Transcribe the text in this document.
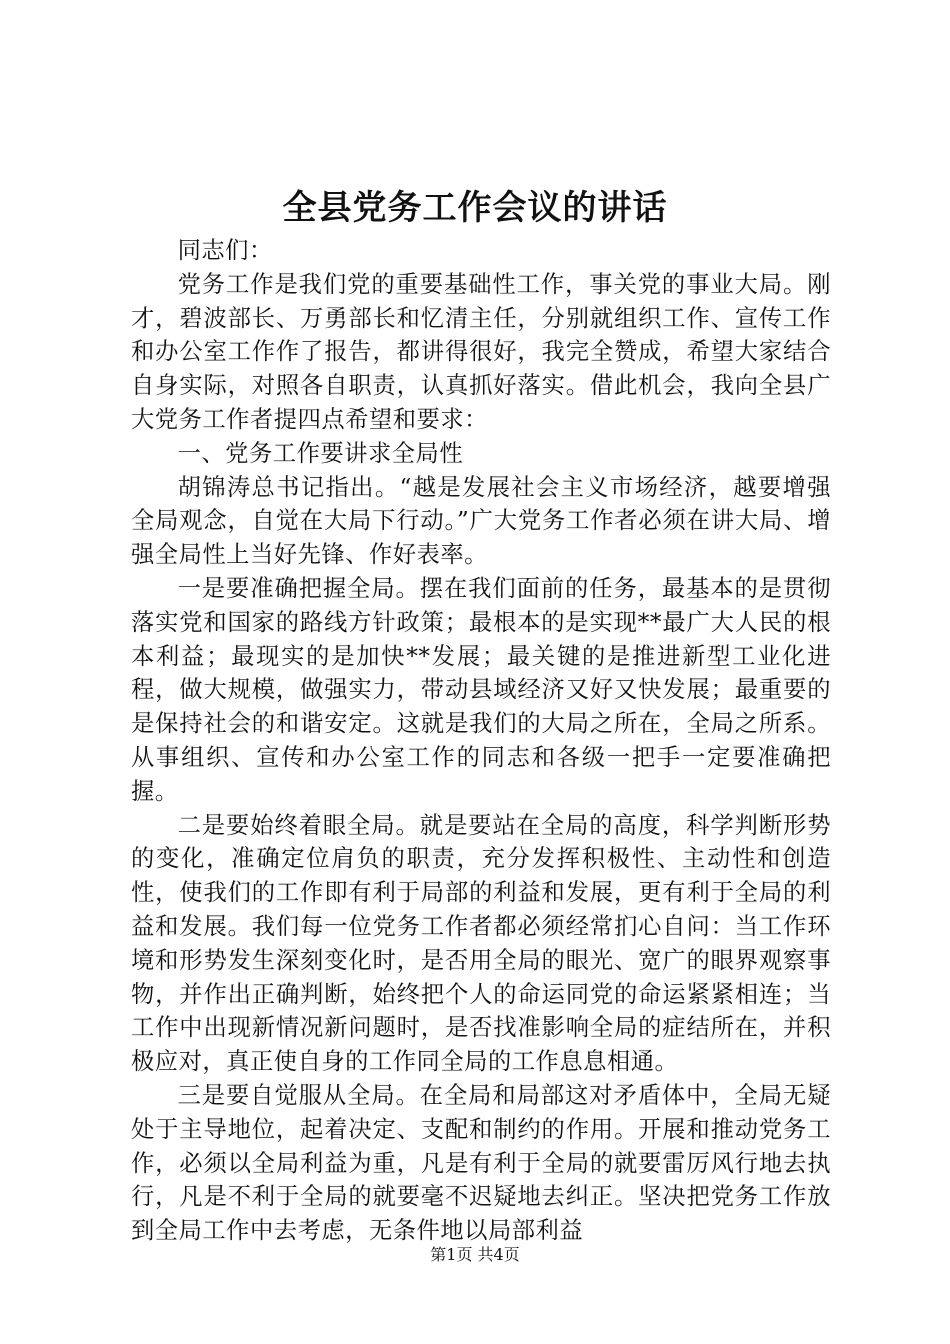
全县党务工作会议的讲话

同志们：

党务工作是我们党的重要基础性工作，事关党的事业大局。刚才，碧波部长、万勇部长和忆清主任，分别就组织工作、宣传工作和办公室工作作了报告，都讲得很好，我完全赞成，希望大家结合自身实际，对照各自职责，认真抓好落实。借此机会，我向全县广大党务工作者提四点希望和要求：

一、党务工作要讲求全局性

胡锦涛总书记指出。“越是发展社会主义市场经济，越要增强全局观念，自觉在大局下行动。”广大党务工作者必须在讲大局、增强全局性上当好先锋、作好表率。

一是要准确把握全局。摆在我们面前的任务，最基本的是贯彻落实党和国家的路线方针政策；最根本的是实现**最广大人民的根本利益；最现实的是加快**发展；最关键的是推进新型工业化进程，做大规模，做强实力，带动县域经济又好又快发展；最重要的是保持社会的和谐安定。这就是我们的大局之所在，全局之所系。从事组织、宣传和办公室工作的同志和各级一把手一定要准确把握。

二是要始终着眼全局。就是要站在全局的高度，科学判断形势的变化，准确定位肩负的职责，充分发挥积极性、主动性和创造性，使我们的工作即有利于局部的利益和发展，更有利于全局的利益和发展。我们每一位党务工作者都必须经常扪心自问：当工作环境和形势发生深刻变化时，是否用全局的眼光、宽广的眼界观察事物，并作出正确判断，始终把个人的命运同党的命运紧紧相连；当工作中出现新情况新问题时，是否找准影响全局的症结所在，并积极应对，真正使自身的工作同全局的工作息息相通。

三是要自觉服从全局。在全局和局部这对矛盾体中，全局无疑处于主导地位，起着决定、支配和制约的作用。开展和推动党务工作，必须以全局利益为重，凡是有利于全局的就要雷厉风行地去执行，凡是不利于全局的就要毫不迟疑地去纠正。坚决把党务工作放到全局工作中去考虑，无条件地以局部利益

第1页 共4页
